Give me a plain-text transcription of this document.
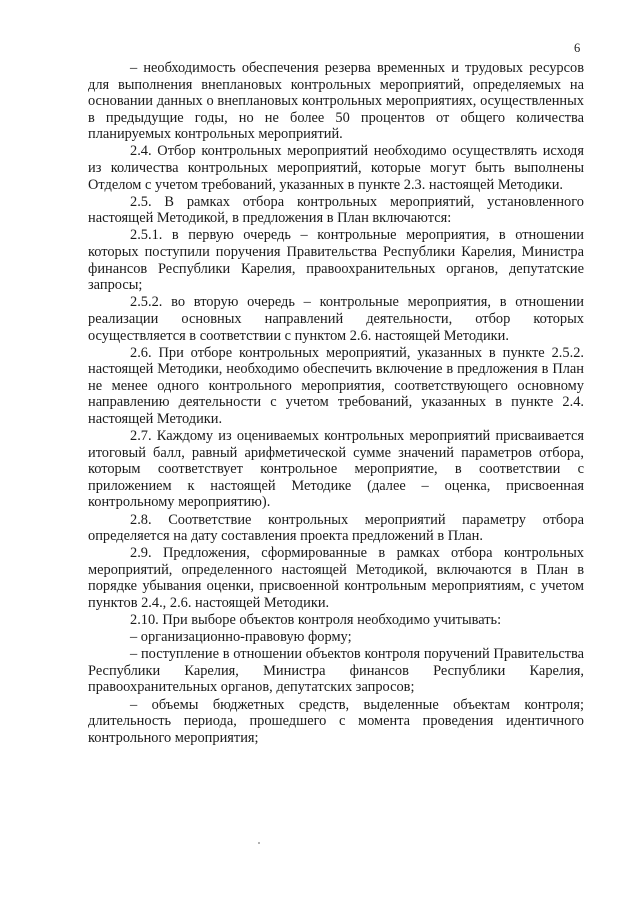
6

– необходимость обеспечения резерва временных и трудовых ресурсов для выполнения внеплановых контрольных мероприятий, определяемых на основании данных о внеплановых контрольных мероприятиях, осуществленных в предыдущие годы, но не более 50 процентов от общего количества планируемых контрольных мероприятий.

2.4. Отбор контрольных мероприятий необходимо осуществлять исходя из количества контрольных мероприятий, которые могут быть выполнены Отделом с учетом требований, указанных в пункте 2.3. настоящей Методики.

2.5. В рамках отбора контрольных мероприятий, установленного настоящей Методикой, в предложения в План включаются:

2.5.1. в первую очередь – контрольные мероприятия, в отношении которых поступили поручения Правительства Республики Карелия, Министра финансов Республики Карелия, правоохранительных органов, депутатские запросы;

2.5.2. во вторую очередь – контрольные мероприятия, в отношении реализации основных направлений деятельности, отбор которых осуществляется в соответствии с пунктом 2.6. настоящей Методики.

2.6. При отборе контрольных мероприятий, указанных в пункте 2.5.2. настоящей Методики, необходимо обеспечить включение в предложения в План не менее одного контрольного мероприятия, соответствующего основному направлению деятельности с учетом требований, указанных в пункте 2.4. настоящей Методики.

2.7. Каждому из оцениваемых контрольных мероприятий присваивается итоговый балл, равный арифметической сумме значений параметров отбора, которым соответствует контрольное мероприятие, в соответствии с приложением к настоящей Методике (далее – оценка, присвоенная контрольному мероприятию).

2.8. Соответствие контрольных мероприятий параметру отбора определяется на дату составления проекта предложений в План.

2.9. Предложения, сформированные в рамках отбора контрольных мероприятий, определенного настоящей Методикой, включаются в План в порядке убывания оценки, присвоенной контрольным мероприятиям, с учетом пунктов 2.4., 2.6. настоящей Методики.

2.10. При выборе объектов контроля необходимо учитывать:

– организационно-правовую форму;

– поступление в отношении объектов контроля поручений Правительства Республики Карелия, Министра финансов Республики Карелия, правоохранительных органов, депутатских запросов;

– объемы бюджетных средств, выделенные объектам контроля; длительность периода, прошедшего с момента проведения идентичного контрольного мероприятия;
